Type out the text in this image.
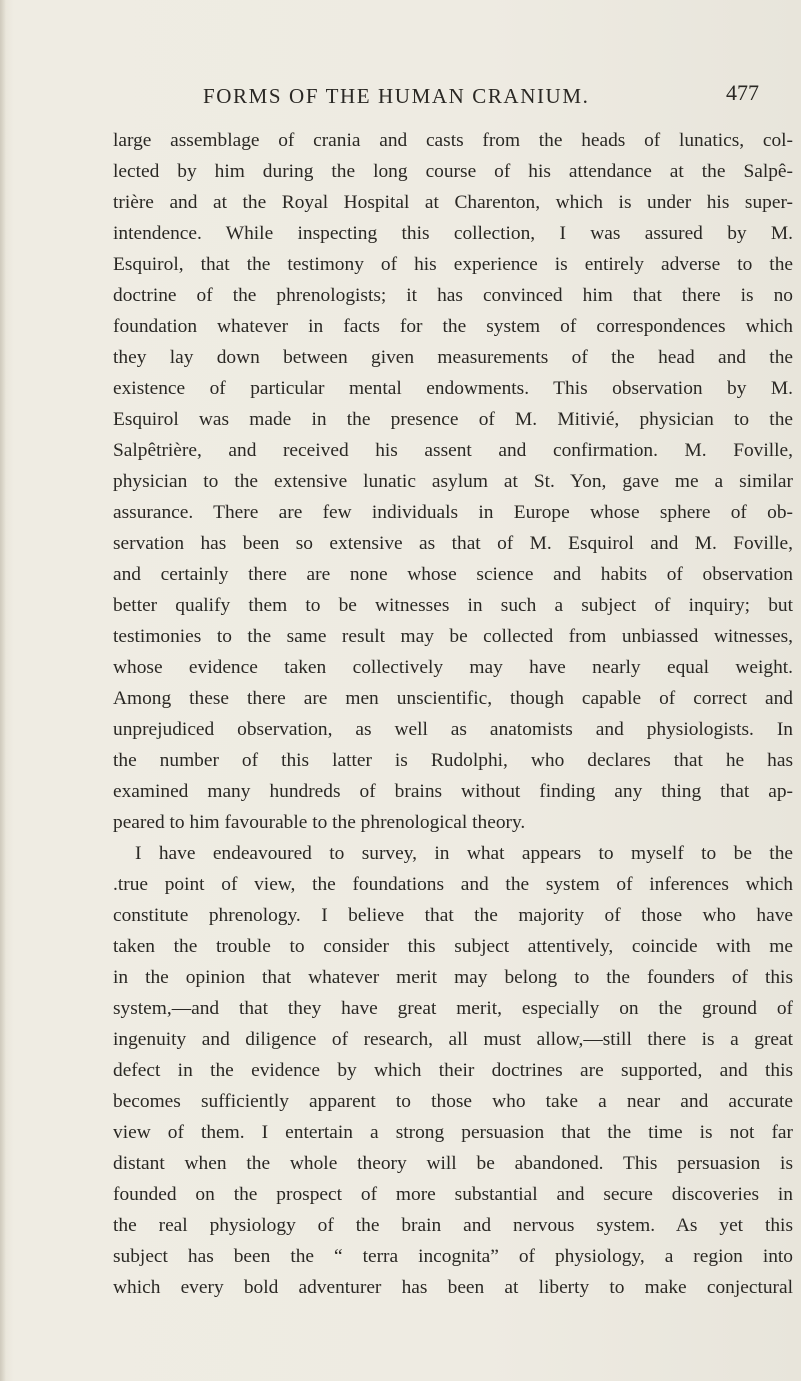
FORMS OF THE HUMAN CRANIUM.	477
large assemblage of crania and casts from the heads of lunatics, col-
lected by him during the long course of his attendance at the Salpê-
trière and at the Royal Hospital at Charenton, which is under his super-
intendence. While inspecting this collection, I was assured by M.
Esquirol, that the testimony of his experience is entirely adverse to the
doctrine of the phrenologists; it has convinced him that there is no
foundation whatever in facts for the system of correspondences which
they lay down between given measurements of the head and the
existence of particular mental endowments. This observation by M.
Esquirol was made in the presence of M. Mitivié, physician to the
Salpêtrière, and received his assent and confirmation. M. Foville,
physician to the extensive lunatic asylum at St. Yon, gave me a similar
assurance. There are few individuals in Europe whose sphere of ob-
servation has been so extensive as that of M. Esquirol and M. Foville,
and certainly there are none whose science and habits of observation
better qualify them to be witnesses in such a subject of inquiry; but
testimonies to the same result may be collected from unbiassed witnesses,
whose evidence taken collectively may have nearly equal weight.
Among these there are men unscientific, though capable of correct and
unprejudiced observation, as well as anatomists and physiologists. In
the number of this latter is Rudolphi, who declares that he has
examined many hundreds of brains without finding any thing that ap-
peared to him favourable to the phrenological theory.
I have endeavoured to survey, in what appears to myself to be the
.true point of view, the foundations and the system of inferences which
constitute phrenology. I believe that the majority of those who have
taken the trouble to consider this subject attentively, coincide with me
in the opinion that whatever merit may belong to the founders of this
system,—and that they have great merit, especially on the ground of
ingenuity and diligence of research, all must allow,—still there is a great
defect in the evidence by which their doctrines are supported, and this
becomes sufficiently apparent to those who take a near and accurate
view of them. I entertain a strong persuasion that the time is not far
distant when the whole theory will be abandoned. This persuasion is
founded on the prospect of more substantial and secure discoveries in
the real physiology of the brain and nervous system. As yet this
subject has been the “ terra incognita” of physiology, a region into
which every bold adventurer has been at liberty to make conjectural
